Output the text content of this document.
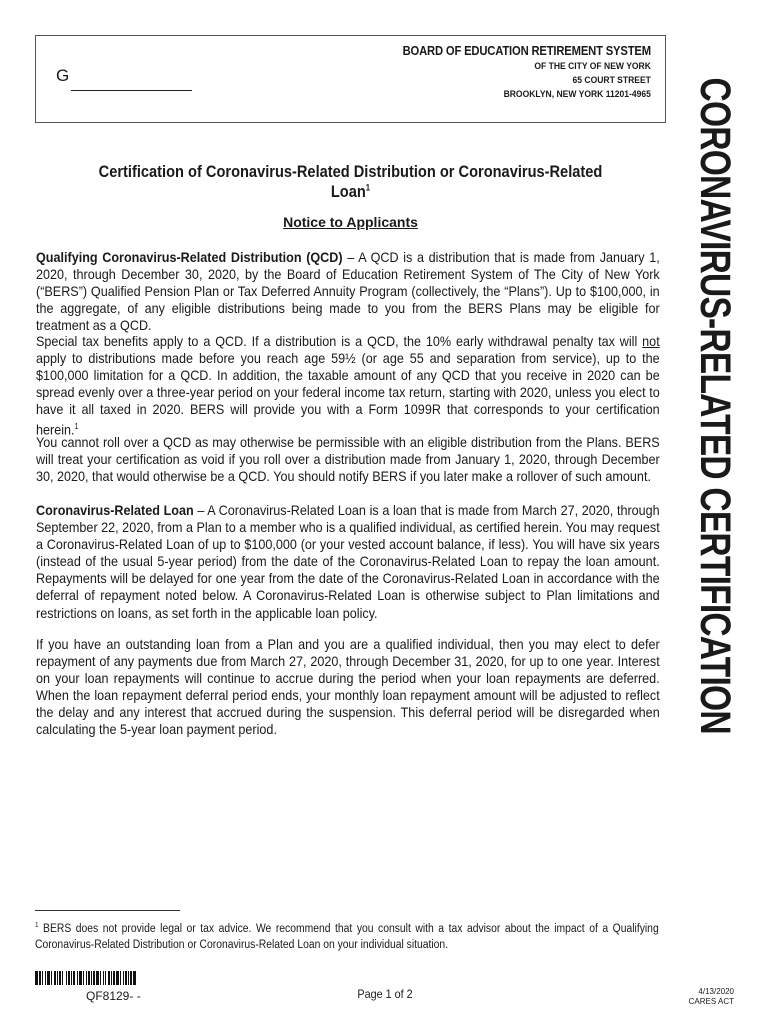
G
BOARD OF EDUCATION RETIREMENT SYSTEM
OF THE CITY OF NEW YORK
65 COURT STREET
BROOKLYN, NEW YORK 11201-4965 CORONAVIRUS-RELATED CERTIFICATION
Certification of Coronavirus-Related Distribution or Coronavirus-Related Loan$^1$
Notice to Applicants
Qualifying Coronavirus-Related Distribution (QCD) – A QCD is a distribution that is made from January 1, 2020, through December 30, 2020, by the Board of Education Retirement System of The City of New York (“BERS”) Qualified Pension Plan or Tax Deferred Annuity Program (collectively, the “Plans”). Up to $100,000, in the aggregate, of any eligible distributions being made to you from the BERS Plans may be eligible for treatment as a QCD.
Special tax benefits apply to a QCD. If a distribution is a QCD, the 10% early withdrawal penalty tax will not apply to distributions made before you reach age 59½ (or age 55 and separation from service), up to the $100,000 limitation for a QCD. In addition, the taxable amount of any QCD that you receive in 2020 can be spread evenly over a three-year period on your federal income tax return, starting with 2020, unless you elect to have it all taxed in 2020. BERS will provide you with a Form 1099R that corresponds to your certification herein.$^1$
You cannot roll over a QCD as may otherwise be permissible with an eligible distribution from the Plans. BERS will treat your certification as void if you roll over a distribution made from January 1, 2020, through December 30, 2020, that would otherwise be a QCD. You should notify BERS if you later make a rollover of such amount.
Coronavirus-Related Loan – A Coronavirus-Related Loan is a loan that is made from March 27, 2020, through September 22, 2020, from a Plan to a member who is a qualified individual, as certified herein. You may request a Coronavirus-Related Loan of up to $100,000 (or your vested account balance, if less). You will have six years (instead of the usual 5-year period) from the date of the Coronavirus-Related Loan to repay the loan amount. Repayments will be delayed for one year from the date of the Coronavirus-Related Loan in accordance with the deferral of repayment noted below. A Coronavirus-Related Loan is otherwise subject to Plan limitations and restrictions on loans, as set forth in the applicable loan policy.
If you have an outstanding loan from a Plan and you are a qualified individual, then you may elect to defer repayment of any payments due from March 27, 2020, through December 31, 2020, for up to one year. Interest on your loan repayments will continue to accrue during the period when your loan repayments are deferred. When the loan repayment deferral period ends, your monthly loan repayment amount will be adjusted to reflect the delay and any interest that accrued during the suspension. This deferral period will be disregarded when calculating the 5-year loan payment period.
$^1$ BERS does not provide legal or tax advice. We recommend that you consult with a tax advisor about the impact of a Qualifying Coronavirus-Related Distribution or Coronavirus-Related Loan on your individual situation.
QF8129- -	Page 1 of 2	4/13/2020
CARES ACT
